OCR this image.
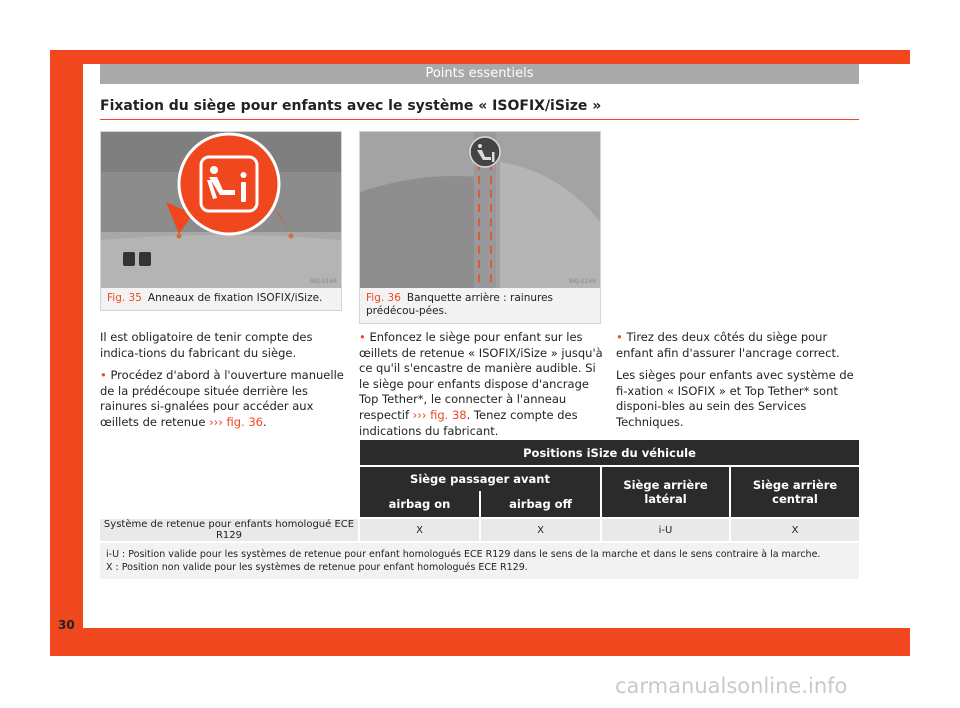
Points essentiels
Fixation du siège pour enfants avec le système « ISOFIX/iSize »
BKJ-0168
Fig. 35 Anneaux de fixation ISOFIX/iSize.
BKJ-0248
Fig. 36 Banquette arrière : rainures prédécou-pées.

Il est obligatoire de tenir compte des indica-tions du fabricant du siège.

• Procédez d'abord à l'ouverture manuelle de la prédécoupe située derrière les rainures si-gnalées pour accéder aux œillets de retenue ››› fig. 36.

• Enfoncez le siège pour enfant sur les œillets de retenue « ISOFIX/iSize » jusqu'à ce qu'il s'encastre de manière audible. Si le siège pour enfants dispose d'ancrage Top Tether*, le connecter à l'anneau respectif ››› fig. 38. Tenez compte des indications du fabricant.

• Tirez des deux côtés du siège pour enfant afin d'assurer l'ancrage correct.

Les sièges pour enfants avec système de fi-xation « ISOFIX » et Top Tether* sont disponi-bles au sein des Services Techniques.

		Positions iSize du véhicule						

		Siège passager avant				Siège arrière latéral		Siège arrière central
		airbag on		airbag off				

Système de retenue pour enfants homologué ECE R129		X		X		i-U		X

i-U : Position valide pour les systèmes de retenue pour enfant homologués ECE R129 dans le sens de la marche et dans le sens contraire à la marche.
X : Position non valide pour les systèmes de retenue pour enfant homologués ECE R129.								
30
carmanualsonline.info
